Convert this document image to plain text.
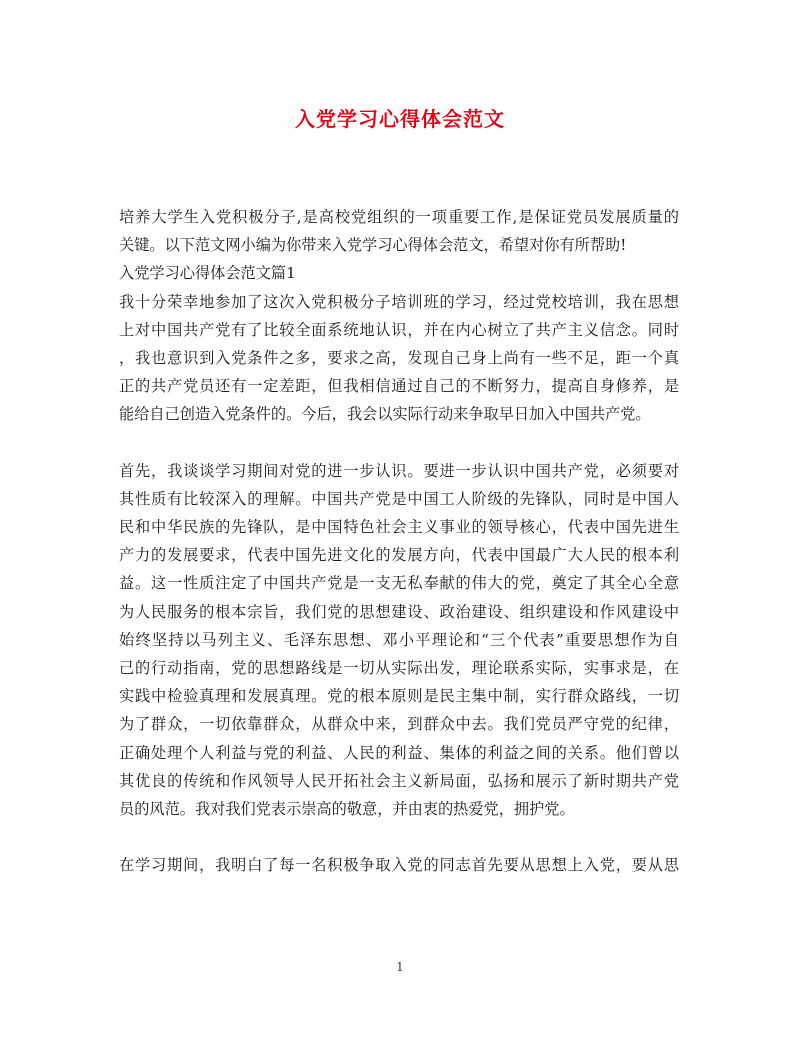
入党学习心得体会范文
培养大学生入党积极分子,是高校党组织的一项重要工作,是保证党员发展质量的
关键。以下范文网小编为你带来入党学习心得体会范文，希望对你有所帮助!
入党学习心得体会范文篇1
我十分荣幸地参加了这次入党积极分子培训班的学习，经过党校培训，我在思想
上对中国共产党有了比较全面系统地认识，并在内心树立了共产主义信念。同时
，我也意识到入党条件之多，要求之高，发现自己身上尚有一些不足，距一个真
正的共产党员还有一定差距，但我相信通过自己的不断努力，提高自身修养，是
能给自己创造入党条件的。今后，我会以实际行动来争取早日加入中国共产党。
首先，我谈谈学习期间对党的进一步认识。要进一步认识中国共产党，必须要对
其性质有比较深入的理解。中国共产党是中国工人阶级的先锋队，同时是中国人
民和中华民族的先锋队，是中国特色社会主义事业的领导核心，代表中国先进生
产力的发展要求，代表中国先进文化的发展方向，代表中国最广大人民的根本利
益。这一性质注定了中国共产党是一支无私奉献的伟大的党，奠定了其全心全意
为人民服务的根本宗旨，我们党的思想建设、政治建设、组织建设和作风建设中
始终坚持以马列主义、毛泽东思想、邓小平理论和“三个代表”重要思想作为自
己的行动指南，党的思想路线是一切从实际出发，理论联系实际，实事求是，在
实践中检验真理和发展真理。党的根本原则是民主集中制，实行群众路线，一切
为了群众，一切依靠群众，从群众中来，到群众中去。我们党员严守党的纪律，
正确处理个人利益与党的利益、人民的利益、集体的利益之间的关系。他们曾以
其优良的传统和作风领导人民开拓社会主义新局面，弘扬和展示了新时期共产党
员的风范。我对我们党表示崇高的敬意，并由衷的热爱党，拥护党。
在学习期间，我明白了每一名积极争取入党的同志首先要从思想上入党，要从思
1
